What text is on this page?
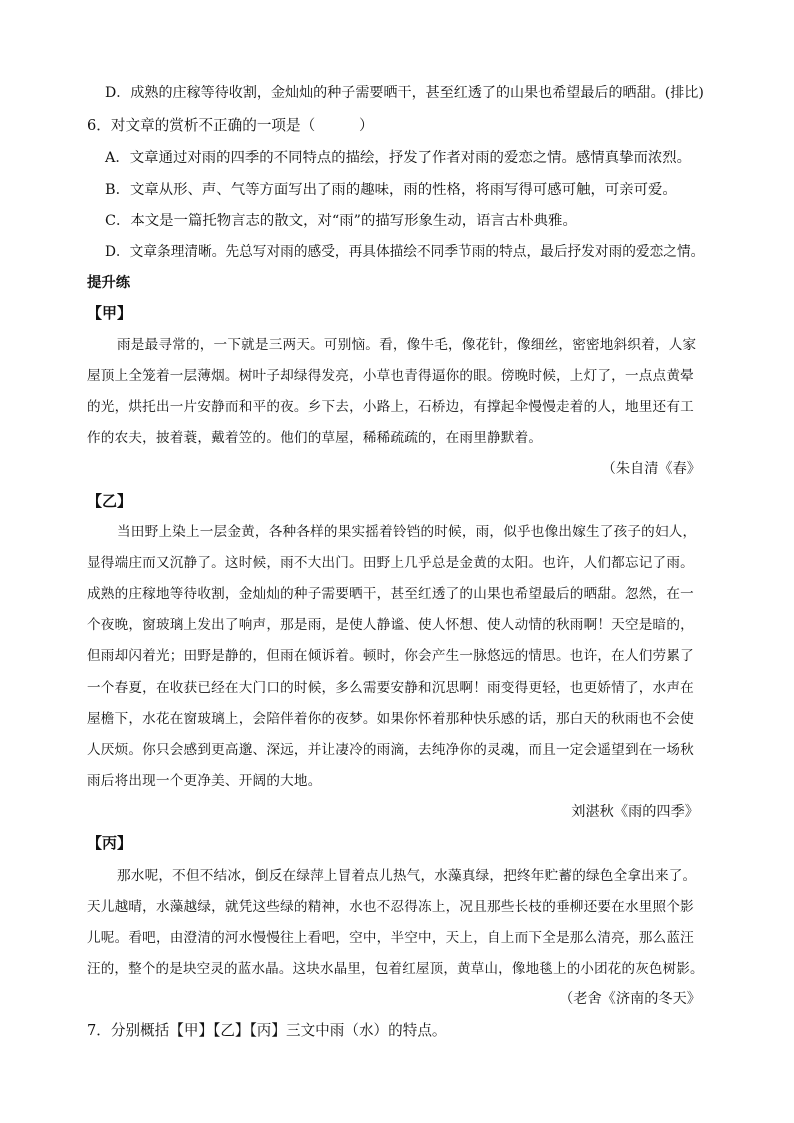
D．成熟的庄稼等待收割，金灿灿的种子需要晒干，甚至红透了的山果也希望最后的晒甜。(排比)
6．对文章的赏析不正确的一项是（　　　）
A．文章通过对雨的四季的不同特点的描绘，抒发了作者对雨的爱恋之情。感情真挚而浓烈。
B．文章从形、声、气等方面写出了雨的趣味，雨的性格，将雨写得可感可触，可亲可爱。
C．本文是一篇托物言志的散文，对“雨”的描写形象生动，语言古朴典雅。
D．文章条理清晰。先总写对雨的感受，再具体描绘不同季节雨的特点，最后抒发对雨的爱恋之情。
提升练
【甲】
雨是最寻常的，一下就是三两天。可别恼。看，像牛毛，像花针，像细丝，密密地斜织着，人家
屋顶上全笼着一层薄烟。树叶子却绿得发亮，小草也青得逼你的眼。傍晚时候，上灯了，一点点黄晕
的光，烘托出一片安静而和平的夜。乡下去，小路上，石桥边，有撑起伞慢慢走着的人，地里还有工
作的农夫，披着蓑，戴着笠的。他们的草屋，稀稀疏疏的，在雨里静默着。
（朱自清《春》
【乙】
当田野上染上一层金黄，各种各样的果实摇着铃铛的时候，雨，似乎也像出嫁生了孩子的妇人，
显得端庄而又沉静了。这时候，雨不大出门。田野上几乎总是金黄的太阳。也许，人们都忘记了雨。
成熟的庄稼地等待收割，金灿灿的种子需要晒干，甚至红透了的山果也希望最后的晒甜。忽然，在一
个夜晚，窗玻璃上发出了响声，那是雨，是使人静谧、使人怀想、使人动情的秋雨啊！天空是暗的，
但雨却闪着光；田野是静的，但雨在倾诉着。顿时，你会产生一脉悠远的情思。也许，在人们劳累了
一个春夏，在收获已经在大门口的时候，多么需要安静和沉思啊！雨变得更轻，也更娇情了，水声在
屋檐下，水花在窗玻璃上，会陪伴着你的夜梦。如果你怀着那种快乐感的话，那白天的秋雨也不会使
人厌烦。你只会感到更高邈、深远，并让凄冷的雨滴，去纯净你的灵魂，而且一定会遥望到在一场秋
雨后将出现一个更净美、开阔的大地。
刘湛秋《雨的四季》
【丙】
那水呢，不但不结冰，倒反在绿萍上冒着点儿热气，水藻真绿，把终年贮蓄的绿色全拿出来了。
天儿越晴，水藻越绿，就凭这些绿的精神，水也不忍得冻上，况且那些长枝的垂柳还要在水里照个影
儿呢。看吧，由澄清的河水慢慢往上看吧，空中，半空中，天上，自上而下全是那么清亮，那么蓝汪
汪的，整个的是块空灵的蓝水晶。这块水晶里，包着红屋顶，黄草山，像地毯上的小团花的灰色树影。
（老舍《济南的冬天》
7．分别概括【甲】【乙】【丙】三文中雨（水）的特点。
